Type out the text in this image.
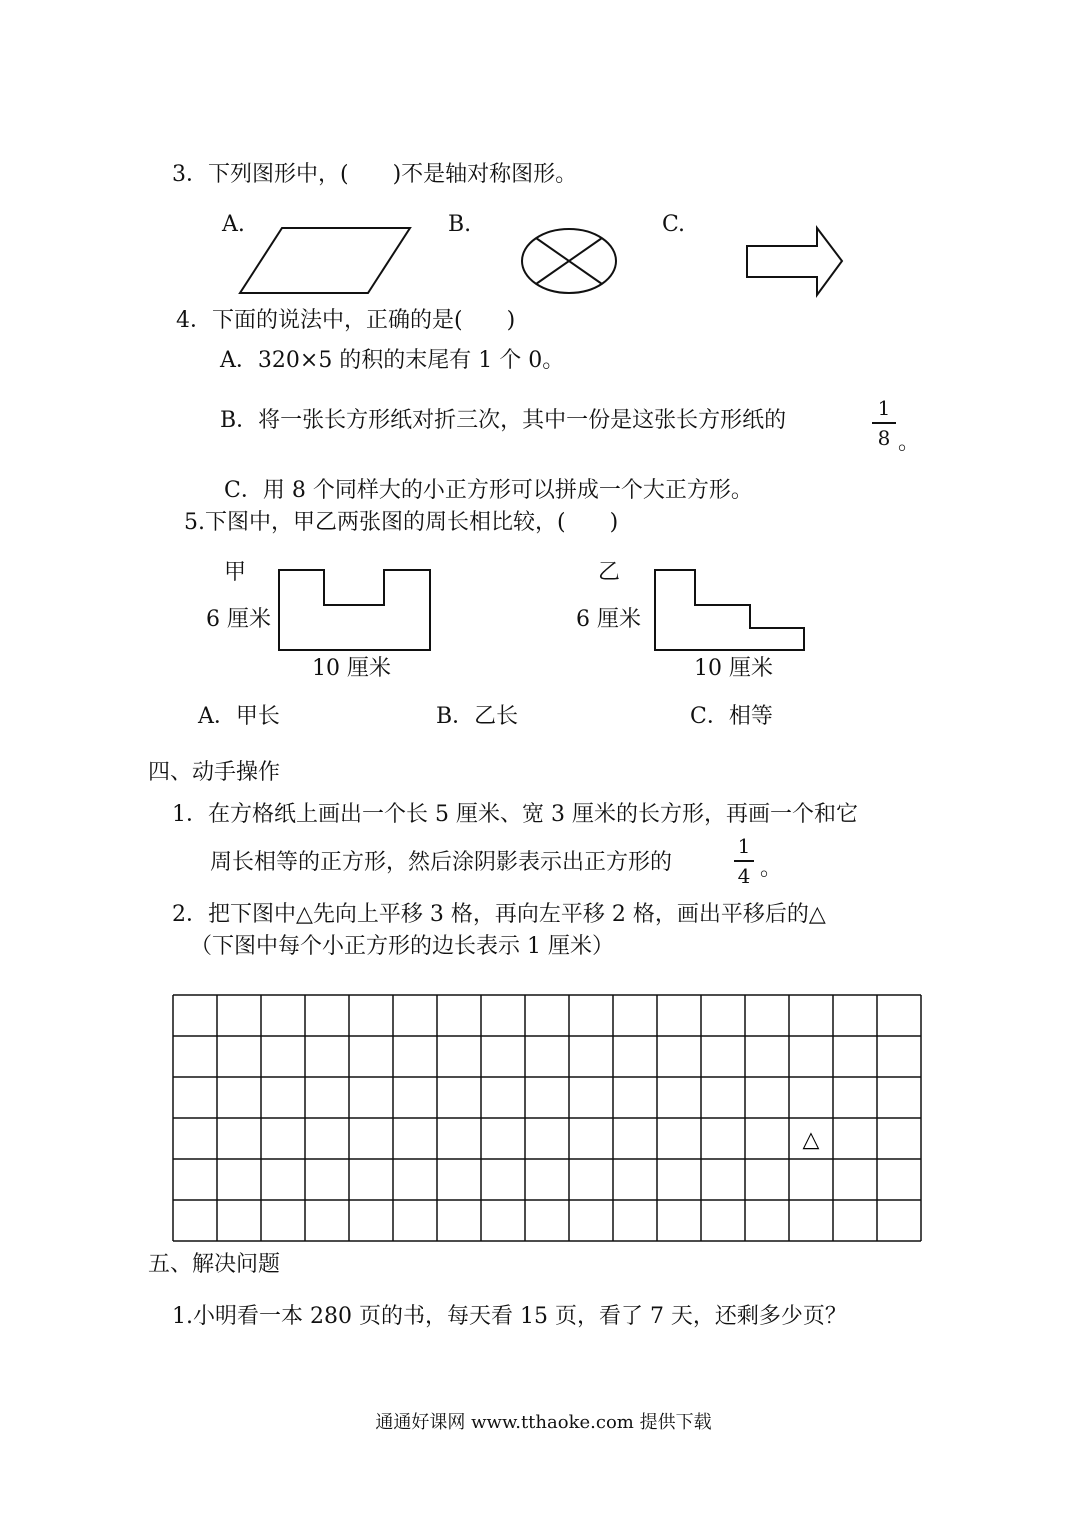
3．下列图形中，(　　)不是轴对称图形。
A.	B.	C.
△
4．下面的说法中，正确的是(　　)
A．320×5 的积的末尾有 1 个 0。
B．将一张长方形纸对折三次，其中一份是这张长方形纸的	1
8 。
C．用 8 个同样大的小正方形可以拼成一个大正方形。
5.下图中，甲乙两张图的周长相比较，(　　)
甲
6 厘米
10 厘米
乙
6 厘米
10 厘米
A．甲长	B．乙长	C．相等
四、动手操作
1．在方格纸上画出一个长 5 厘米、宽 3 厘米的长方形，再画一个和它
周长相等的正方形，然后涂阴影表示出正方形的
1
4 。
2．把下图中△先向上平移 3 格，再向左平移 2 格，画出平移后的△
（下图中每个小正方形的边长表示 1 厘米）
五、解决问题
1.小明看一本 280 页的书，每天看 15 页，看了 7 天，还剩多少页？
通通好课网 www.tthaoke.com 提供下载
